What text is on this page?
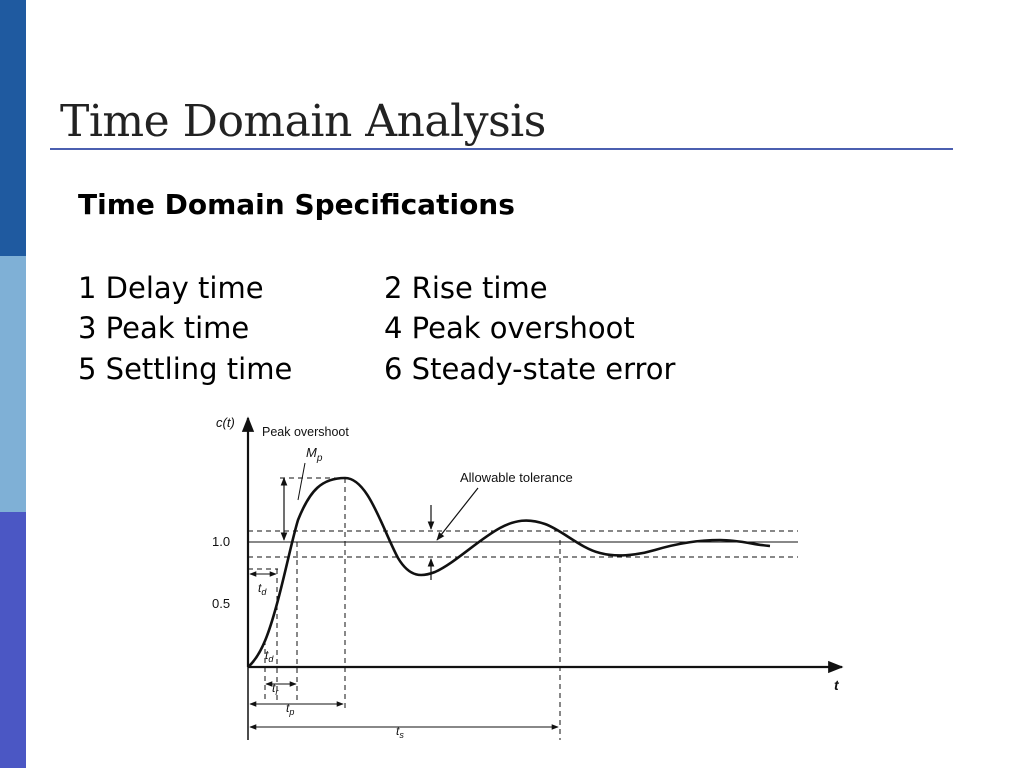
Time Domain Analysis
Time Domain Specifications
1 Delay time	2 Rise time
3 Peak time	4 Peak overshoot
5 Settling time	6 Steady-state error
c(t)
t
1.0
0.5
Peak overshoot
$M_p$
Allowable tolerance
$t_d$
$t_d$
$t_r$
$t_p$
$t_s$
